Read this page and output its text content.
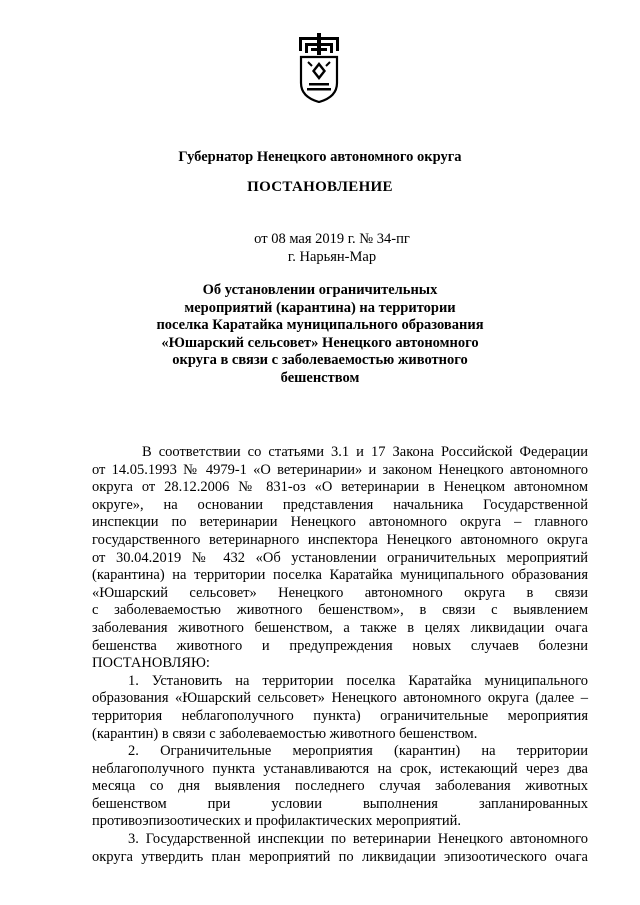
Губернатор Ненецкого автономного округа
ПОСТАНОВЛЕНИЕ
от 08 мая 2019 г. № 34-пг
г. Нарьян-Мар
Об установлении ограничительных
мероприятий (карантина) на территории
поселка Каратайка муниципального образования
«Юшарский сельсовет» Ненецкого автономного
округа в связи с заболеваемостью животного
бешенством
В соответствии со статьями 3.1 и 17 Закона Российской Федерации
от 14.05.1993 № 4979-1 «О ветеринарии» и законом Ненецкого автономного
округа от 28.12.2006 № 831-оз «О ветеринарии в Ненецком автономном
округе», на основании представления начальника Государственной
инспекции по ветеринарии Ненецкого автономного округа – главного
государственного ветеринарного инспектора Ненецкого автономного округа
от 30.04.2019 № 432 «Об установлении ограничительных мероприятий
(карантина) на территории поселка Каратайка муниципального образования
«Юшарский сельсовет» Ненецкого автономного округа в связи
с заболеваемостью животного бешенством», в связи с выявлением
заболевания животного бешенством, а также в целях ликвидации очага
бешенства животного и предупреждения новых случаев болезни
ПОСТАНОВЛЯЮ:
1. Установить на территории поселка Каратайка муниципального
образования «Юшарский сельсовет» Ненецкого автономного округа (далее –
территория неблагополучного пункта) ограничительные мероприятия
(карантин) в связи с заболеваемостью животного бешенством.
2. Ограничительные мероприятия (карантин) на территории
неблагополучного пункта устанавливаются на срок, истекающий через два
месяца со дня выявления последнего случая заболевания животных
бешенством при условии выполнения запланированных
противоэпизоотических и профилактических мероприятий.
3. Государственной инспекции по ветеринарии Ненецкого автономного
округа утвердить план мероприятий по ликвидации эпизоотического очага
